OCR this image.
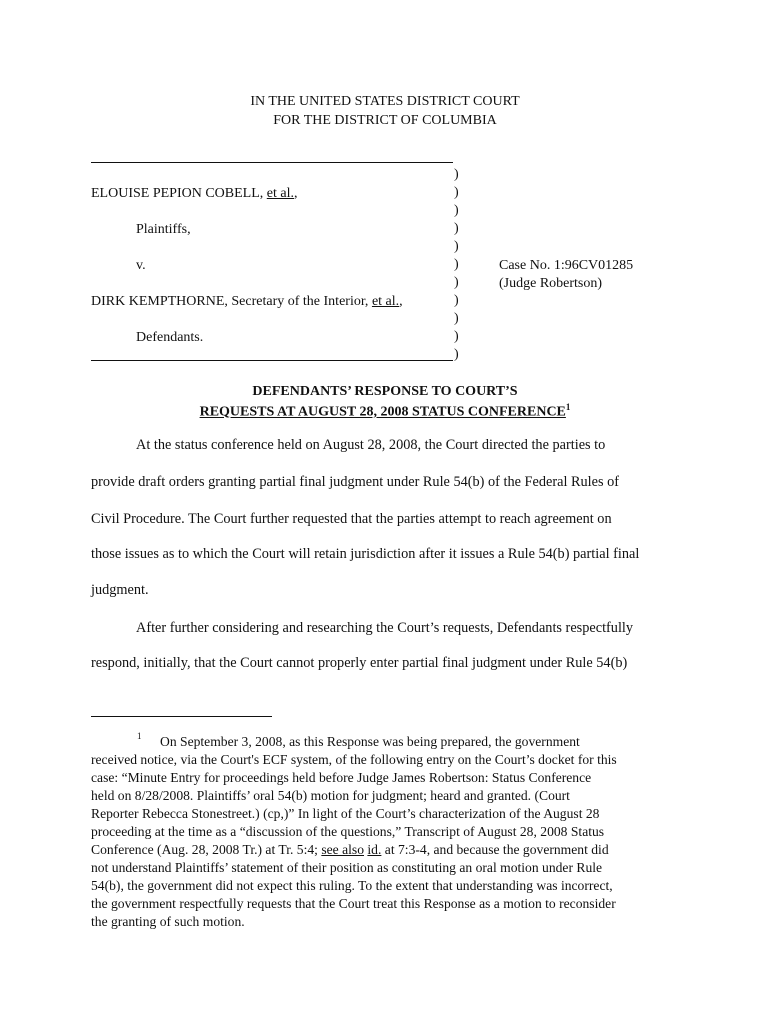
IN THE UNITED STATES DISTRICT COURT
FOR THE DISTRICT OF COLUMBIA
)
)
)
)
)
)
)
)
)
)
)
ELOUISE PEPION COBELL, et al.,
Plaintiffs,
v.
DIRK KEMPTHORNE, Secretary of the Interior, et al.,
Defendants.
Case No. 1:96CV01285
(Judge Robertson)
DEFENDANTS’ RESPONSE TO COURT’S
REQUESTS AT AUGUST 28, 2008 STATUS CONFERENCE$^1$
At the status conference held on August 28, 2008, the Court directed the parties to
provide draft orders granting partial final judgment under Rule 54(b) of the Federal Rules of
Civil Procedure. The Court further requested that the parties attempt to reach agreement on
those issues as to which the Court will retain jurisdiction after it issues a Rule 54(b) partial final
judgment.
After further considering and researching the Court’s requests, Defendants respectfully
respond, initially, that the Court cannot properly enter partial final judgment under Rule 54(b)
1 On September 3, 2008, as this Response was being prepared, the government
received notice, via the Court's ECF system, of the following entry on the Court’s docket for this
case: “Minute Entry for proceedings held before Judge James Robertson: Status Conference
held on 8/28/2008. Plaintiffs’ oral 54(b) motion for judgment; heard and granted. (Court
Reporter Rebecca Stonestreet.) (cp,)” In light of the Court’s characterization of the August 28
proceeding at the time as a “discussion of the questions,” Transcript of August 28, 2008 Status
Conference (Aug. 28, 2008 Tr.) at Tr. 5:4; see also id. at 7:3-4, and because the government did
not understand Plaintiffs’ statement of their position as constituting an oral motion under Rule
54(b), the government did not expect this ruling. To the extent that understanding was incorrect,
the government respectfully requests that the Court treat this Response as a motion to reconsider
the granting of such motion.
